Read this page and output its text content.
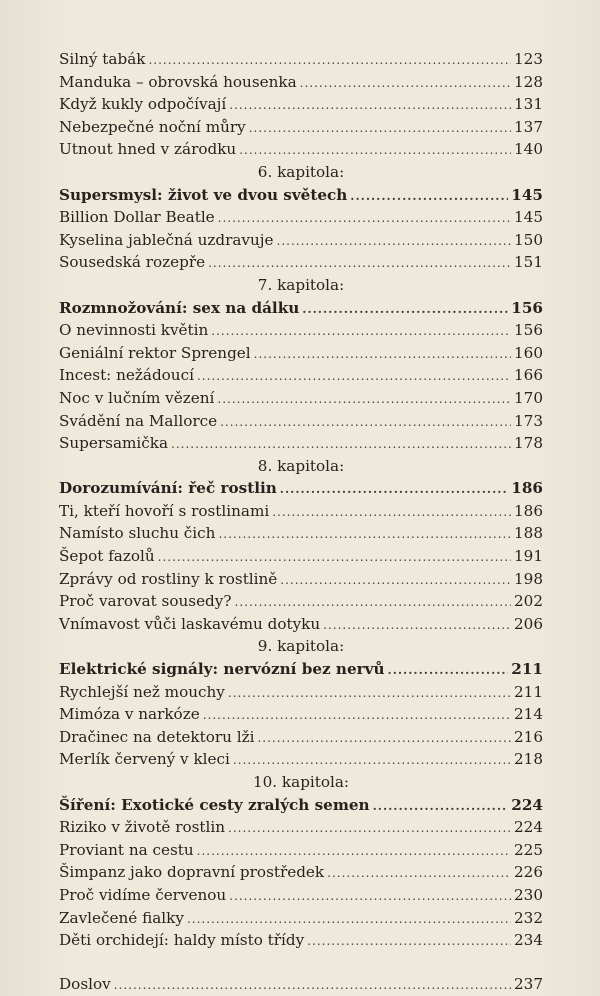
Silný tabák .....	123
Manduka – obrovská housenka .....	128
Když kukly odpočívají .....	131
Nebezpečné noční můry .....	137
Utnout hned v zárodku .....	140
6. kapitola:
Supersmysl: život ve dvou světech .....	145
Billion Dollar Beatle .....	145
Kyselina jablečná uzdravuje .....	150
Sousedská rozepře .....	151
7. kapitola:
Rozmnožování: sex na dálku .....	156
O nevinnosti květin .....	156
Geniální rektor Sprengel .....	160
Incest: nežádoucí .....	166
Noc v lučním vězení .....	170
Svádění na Mallorce .....	173
Supersamička .....	178
8. kapitola:
Dorozumívání: řeč rostlin .....	186
Ti, kteří hovoří s rostlinami .....	186
Namísto sluchu čich .....	188
Šepot fazolů .....	191
Zprávy od rostliny k rostlině .....	198
Proč varovat sousedy? .....	202
Vnímavost vůči laskavému dotyku .....	206
9. kapitola:
Elektrické signály: nervózní bez nervů .....	211
Rychlejší než mouchy .....	211
Mimóza v narkóze .....	214
Dračinec na detektoru lži .....	216
Merlík červený v kleci .....	218
10. kapitola:
Šíření: Exotické cesty zralých semen .....	224
Riziko v životě rostlin .....	224
Proviant na cestu .....	225
Šimpanz jako dopravní prostředek .....	226
Proč vidíme červenou .....	230
Zavlečené fialky .....	232
Děti orchidejí: haldy místo třídy .....	234
Doslov .....	237
